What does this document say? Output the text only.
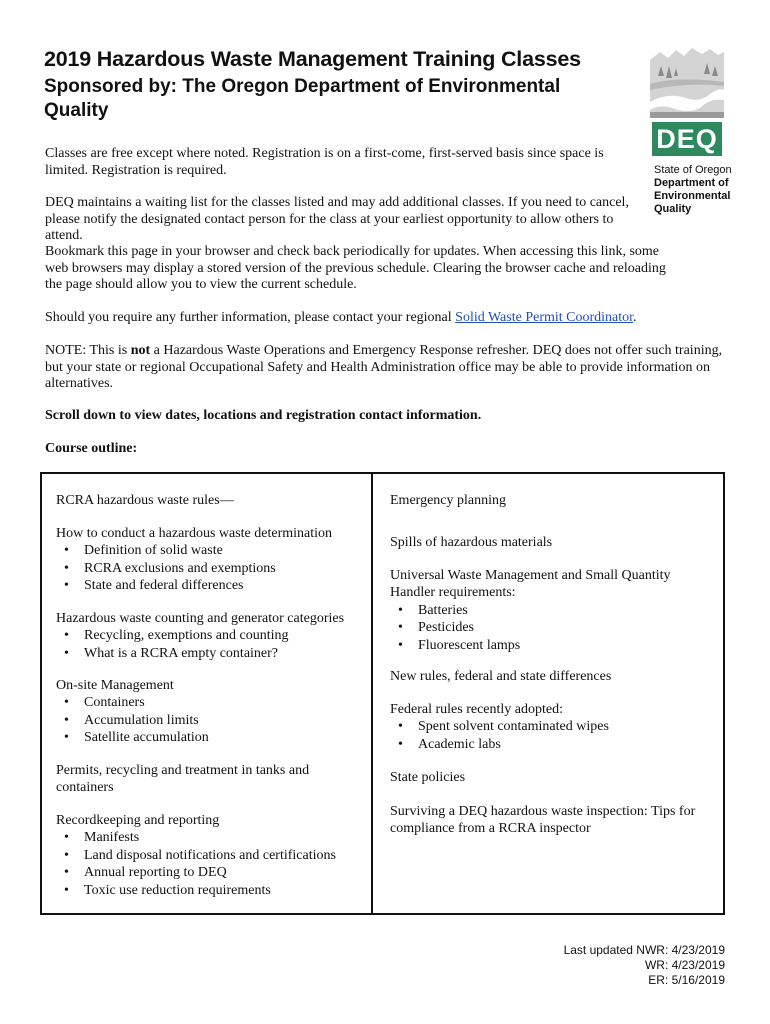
2019 Hazardous Waste Management Training Classes
Sponsored by: The Oregon Department of Environmental Quality
DEQ
State of Oregon
Department of
Environmental
Quality
Classes are free except where noted. Registration is on a first-come, first-served basis since space is limited. Registration is required.
DEQ maintains a waiting list for the classes listed and may add additional classes. If you need to cancel, please notify the designated contact person for the class at your earliest opportunity to allow others to attend.
Bookmark this page in your browser and check back periodically for updates. When accessing this link, some web browsers may display a stored version of the previous schedule. Clearing the browser cache and reloading the page should allow you to view the current schedule.
Should you require any further information, please contact your regional Solid Waste Permit Coordinator.
NOTE: This is not a Hazardous Waste Operations and Emergency Response refresher. DEQ does not offer such training, but your state or regional Occupational Safety and Health Administration office may be able to provide information on alternatives.
Scroll down to view dates, locations and registration contact information.
Course outline:
RCRA hazardous waste rules—
How to conduct a hazardous waste determination
• Definition of solid waste
• RCRA exclusions and exemptions
• State and federal differences
Hazardous waste counting and generator categories
• Recycling, exemptions and counting
• What is a RCRA empty container?
On-site Management
• Containers
• Accumulation limits
• Satellite accumulation
Permits, recycling and treatment in tanks and containers
Recordkeeping and reporting
• Manifests
• Land disposal notifications and certifications
• Annual reporting to DEQ
• Toxic use reduction requirements
Emergency planning
Spills of hazardous materials
Universal Waste Management and Small Quantity Handler requirements:
• Batteries
• Pesticides
• Fluorescent lamps
New rules, federal and state differences
Federal rules recently adopted:
• Spent solvent contaminated wipes
• Academic labs
State policies
Surviving a DEQ hazardous waste inspection: Tips for compliance from a RCRA inspector
Last updated NWR: 4/23/2019
WR: 4/23/2019
ER: 5/16/2019
